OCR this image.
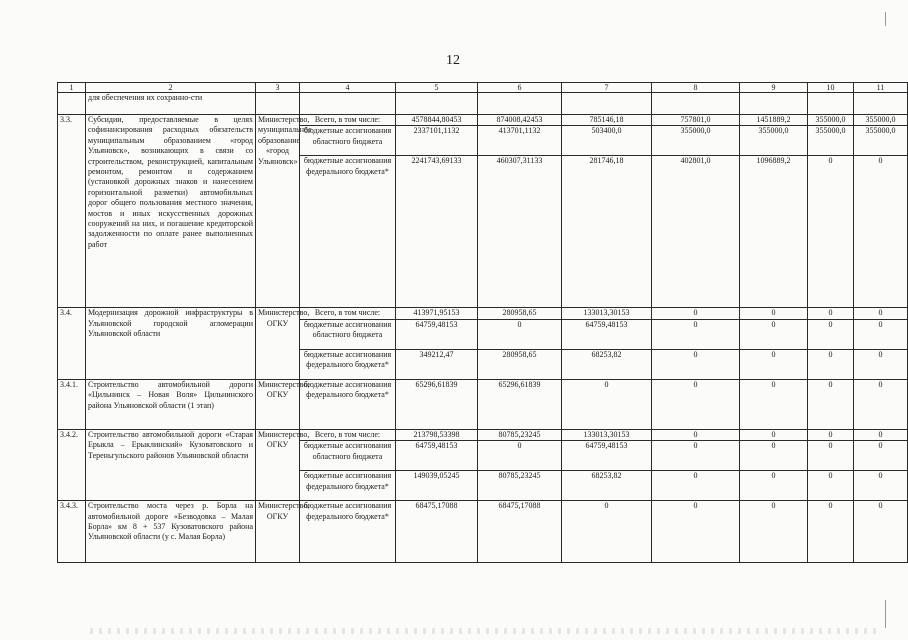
12
1	2	3	4	5	6	7	8	9	10	11
	для обеспечения их сохранно-сти									
3.3.	Субсидии, предоставляемые в целях софинансирования расходных обязательств муниципальным образованием «город Ульяновск», возникающих в связи со строительством, реконструкцией, капитальным ремонтом, ремонтом и содержанием (установкой дорожных знаков и нанесением горизонтальной разметки) автомобильных дорог общего пользования местного значения, мостов и иных искусственных дорожных сооружений на них, и погашение кредиторской задолженности по оплате ранее выполненных работ	Министерство, муниципальное образование «город Ульяновск»	Всего, в том числе:	4578844,80453	874008,42453	785146,18	757801,0	1451889,2	355000,0	355000,0
			бюджетные ассигнования областного бюджета	2337101,1132	413701,1132	503400,0	355000,0	355000,0	355000,0	355000,0
			бюджетные ассигнования федерального бюджета*	2241743,69133	460307,31133	281746,18	402801,0	1096889,2	0	0
3.4.	Модернизация дорожной инфраструктуры в Ульяновской городской агломерации Ульяновской области	Министерство, ОГКУ	Всего, в том числе:	413971,95153	280958,65	133013,30153	0	0	0	0
			бюджетные ассигнования областного бюджета	64759,48153	0	64759,48153	0	0	0	0
			бюджетные ассигнования федерального бюджета*	349212,47	280958,65	68253,82	0	0	0	0
3.4.1.	Строительство автомобильной дороги «Цильнинск – Новая Воля» Цильнинского района Ульяновской области (1 этап)	Министерство, ОГКУ	бюджетные ассигнования федерального бюджета*	65296,61839	65296,61839	0	0	0	0	0
3.4.2.	Строительство автомобильной дороги «Старая Ерыкла – Ерыклинский» Кузоватовского и Тереньгульского районов Ульяновской области	Министерство, ОГКУ	Всего, в том числе:	213798,53398	80785,23245	133013,30153	0	0	0	0
			бюджетные ассигнования областного бюджета	64759,48153	0	64759,48153	0	0	0	0
			бюджетные ассигнования федерального бюджета*	149039,05245	80785,23245	68253,82	0	0	0	0
3.4.3.	Строительство моста через р. Борла на автомобильной дороге «Безводовка – Малая Борла» км 8 + 537 Кузоватовского района Ульяновской области (у с. Малая Борла)	Министерство, ОГКУ	бюджетные ассигнования федерального бюджета*	68475,17088	68475,17088	0	0	0	0	0
